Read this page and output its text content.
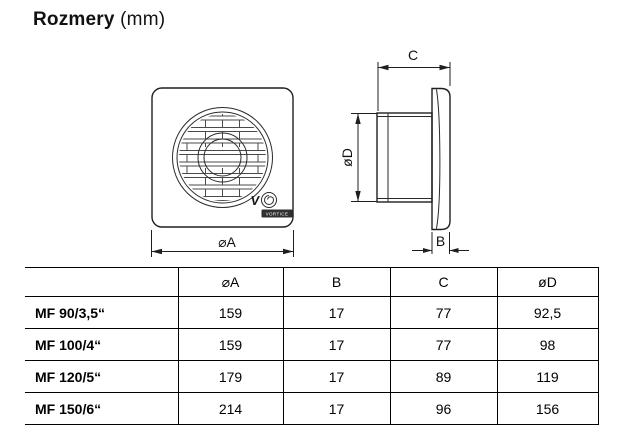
Rozmery (mm)
V
VORTICE
⌀A
C
øD
B
	⌀A	B	C	øD
MF 90/3,5“	159	17	77	92,5
MF 100/4“	159	17	77	98
MF 120/5“	179	17	89	119
MF 150/6“	214	17	96	156
